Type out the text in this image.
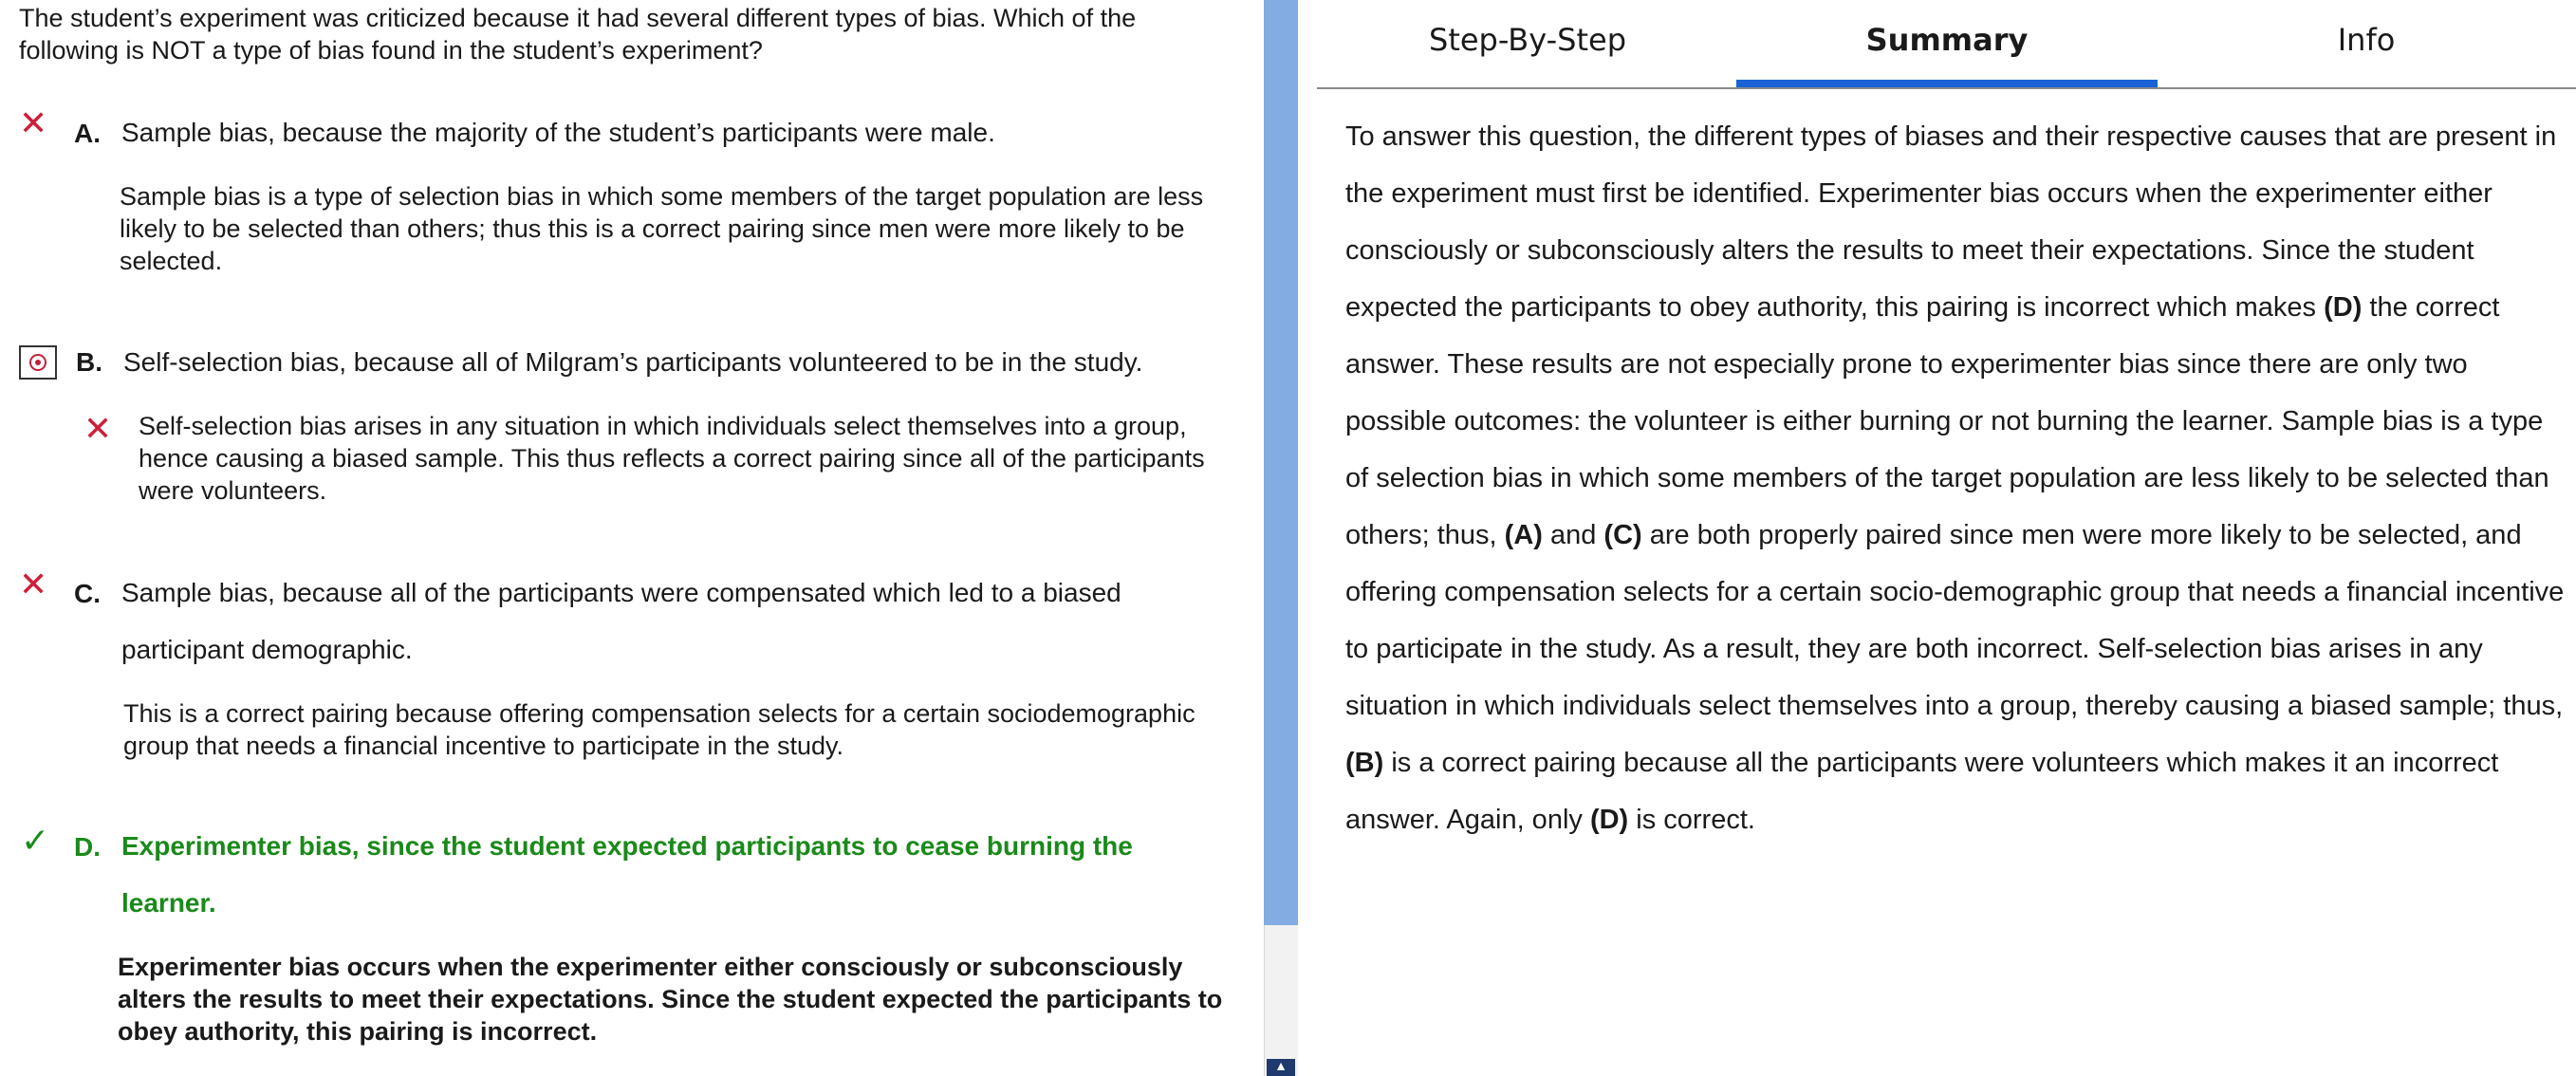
The student’s experiment was criticized because it had several different types of bias. Which of the following is NOT a type of bias found in the student’s experiment?
✕ A. Sample bias, because the majority of the student’s participants were male.
Sample bias is a type of selection bias in which some members of the target population are less likely to be selected than others; thus this is a correct pairing since men were more likely to be selected.
B. Self-selection bias, because all of Milgram’s participants volunteered to be in the study.
✕ Self-selection bias arises in any situation in which individuals select themselves into a group, hence causing a biased sample. This thus reflects a correct pairing since all of the participants were volunteers.
✕ C. Sample bias, because all of the participants were compensated which led to a biased participant demographic.
This is a correct pairing because offering compensation selects for a certain sociodemographic group that needs a financial incentive to participate in the study.
✓ D. Experimenter bias, since the student expected participants to cease burning the learner.
Experimenter bias occurs when the experimenter either consciously or subconsciously alters the results to meet their expectations. Since the student expected the participants to obey authority, this pairing is incorrect.
▲
Step-By-Step	Summary	Info
To answer this question, the different types of biases and their respective causes that are present in the experiment must first be identified. Experimenter bias occurs when the experimenter either consciously or subconsciously alters the results to meet their expectations. Since the student expected the participants to obey authority, this pairing is incorrect which makes (D) the correct answer. These results are not especially prone to experimenter bias since there are only two possible outcomes: the volunteer is either burning or not burning the learner. Sample bias is a type of selection bias in which some members of the target population are less likely to be selected than others; thus, (A) and (C) are both properly paired since men were more likely to be selected, and offering compensation selects for a certain socio-demographic group that needs a financial incentive to participate in the study. As a result, they are both incorrect. Self-selection bias arises in any situation in which individuals select themselves into a group, thereby causing a biased sample; thus, (B) is a correct pairing because all the participants were volunteers which makes it an incorrect answer. Again, only (D) is correct.
